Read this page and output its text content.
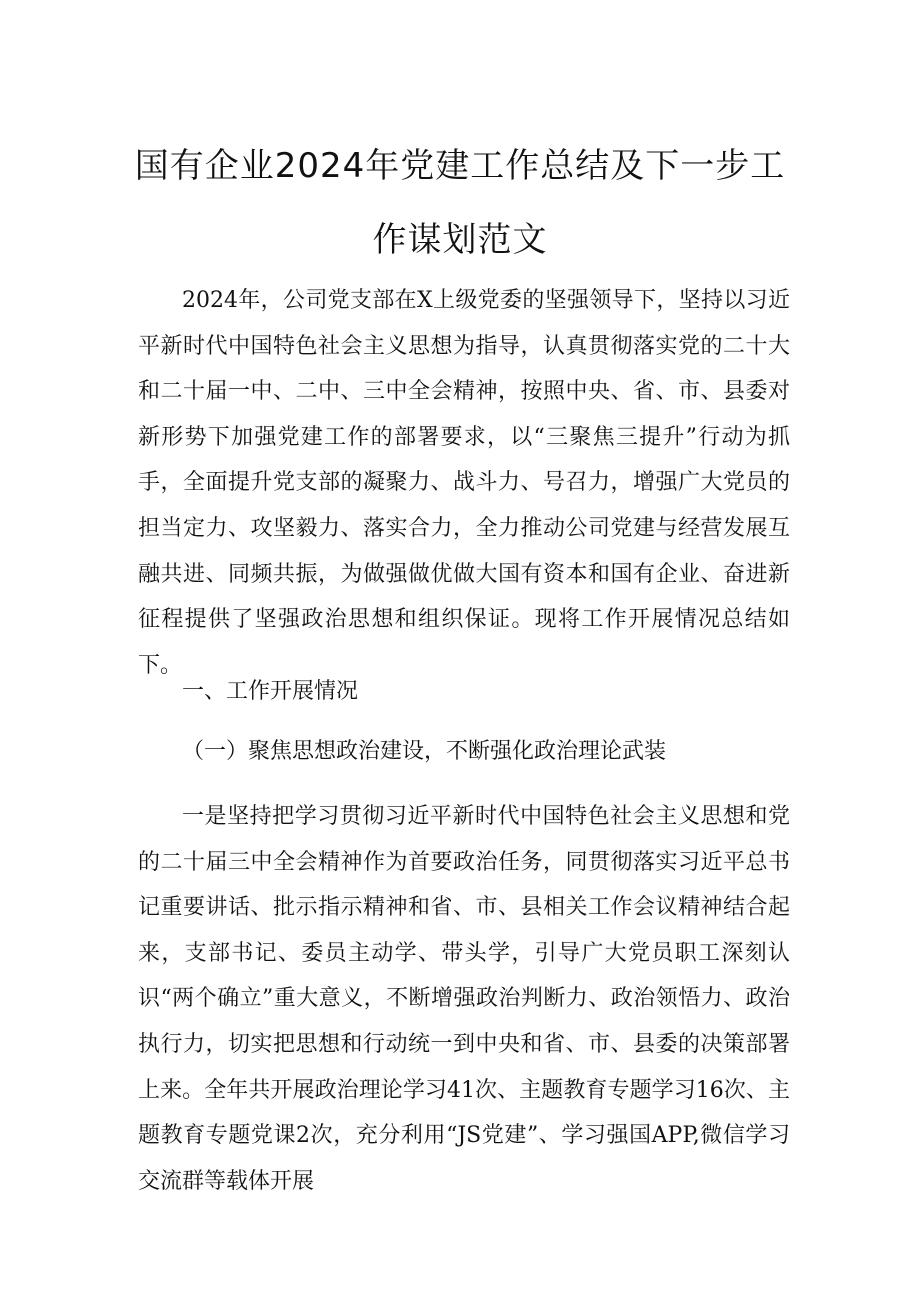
国有企业2024年党建工作总结及下一步工
作谋划范文

2024年，公司党支部在X上级党委的坚强领导下，坚持以习近平新时代中国特色社会主义思想为指导，认真贯彻落实党的二十大和二十届一中、二中、三中全会精神，按照中央、省、市、县委对新形势下加强党建工作的部署要求，以“三聚焦三提升”行动为抓手，全面提升党支部的凝聚力、战斗力、号召力，增强广大党员的担当定力、攻坚毅力、落实合力，全力推动公司党建与经营发展互融共进、同频共振，为做强做优做大国有资本和国有企业、奋进新征程提供了坚强政治思想和组织保证。现将工作开展情况总结如下。

一、工作开展情况
（一）聚焦思想政治建设，不断强化政治理论武装

一是坚持把学习贯彻习近平新时代中国特色社会主义思想和党的二十届三中全会精神作为首要政治任务，同贯彻落实习近平总书记重要讲话、批示指示精神和省、市、县相关工作会议精神结合起来，支部书记、委员主动学、带头学，引导广大党员职工深刻认识“两个确立”重大意义，不断增强政治判断力、政治领悟力、政治执行力，切实把思想和行动统一到中央和省、市、县委的决策部署上来。全年共开展政治理论学习41次、主题教育专题学习16次、主题教育专题党课2次，充分利用“JS党建”、学习强国APP,微信学习交流群等载体开展
